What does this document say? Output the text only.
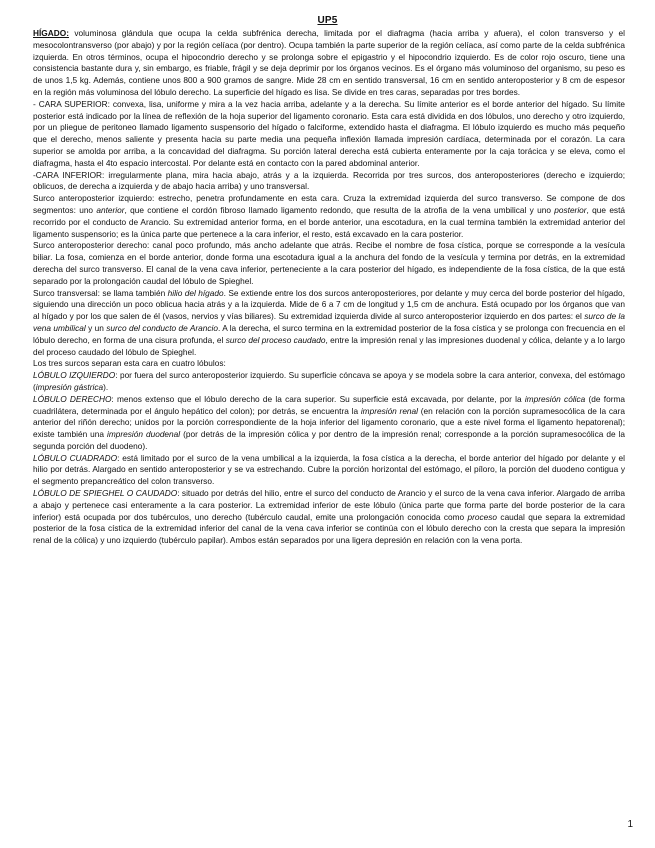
UP5

HÍGADO: voluminosa glándula que ocupa la celda subfrénica derecha, limitada por el diafragma (hacia arriba y afuera), el colon transverso y el mesocolontransverso (por abajo) y por la región celíaca (por dentro). Ocupa también la parte superior de la región celíaca, así como parte de la celda subfrénica izquierda. En otros términos, ocupa el hipocondrio derecho y se prolonga sobre el epigastrio y el hipocondrio izquierdo. Es de color rojo oscuro, tiene una consistencia bastante dura y, sin embargo, es friable, frágil y se deja deprimir por los órganos vecinos. Es el órgano más voluminoso del organismo, su peso es de unos 1,5 kg. Además, contiene unos 800 a 900 gramos de sangre. Mide 28 cm en sentido transversal, 16 cm en sentido anteroposterior y 8 cm de espesor en la región más voluminosa del lóbulo derecho. La superficie del hígado es lisa. Se divide en tres caras, separadas por tres bordes.

- CARA SUPERIOR: convexa, lisa, uniforme y mira a la vez hacia arriba, adelante y a la derecha. Su límite anterior es el borde anterior del hígado. Su límite posterior está indicado por la línea de reflexión de la hoja superior del ligamento coronario. Esta cara está dividida en dos lóbulos, uno derecho y otro izquierdo, por un pliegue de peritoneo llamado ligamento suspensorio del hígado o falciforme, extendido hasta el diafragma. El lóbulo izquierdo es mucho más pequeño que el derecho, menos saliente y presenta hacia su parte media una pequeña inflexión llamada impresión cardíaca, determinada por el corazón. La cara superior se amolda por arriba, a la concavidad del diafragma. Su porción lateral derecha está cubierta enteramente por la caja torácica y se eleva, como el diafragma, hasta el 4to espacio intercostal. Por delante está en contacto con la pared abdominal anterior.

-CARA INFERIOR: irregularmente plana, mira hacia abajo, atrás y a la izquierda. Recorrida por tres surcos, dos anteroposteriores (derecho e izquierdo; oblicuos, de derecha a izquierda y de abajo hacia arriba) y uno transversal.

Surco anteroposterior izquierdo: estrecho, penetra profundamente en esta cara. Cruza la extremidad izquierda del surco transverso. Se compone de dos segmentos: uno anterior, que contiene el cordón fibroso llamado ligamento redondo, que resulta de la atrofia de la vena umbilical y uno posterior, que está recorrido por el conducto de Arancio. Su extremidad anterior forma, en el borde anterior, una escotadura, en la cual termina también la extremidad anterior del ligamento suspensorio; es la única parte que pertenece a la cara inferior, el resto, está excavado en la cara posterior.

Surco anteroposterior derecho: canal poco profundo, más ancho adelante que atrás. Recibe el nombre de fosa cística, porque se corresponde a la vesícula biliar. La fosa, comienza en el borde anterior, donde forma una escotadura igual a la anchura del fondo de la vesícula y termina por detrás, en la extremidad derecha del surco transverso. El canal de la vena cava inferior, perteneciente a la cara posterior del hígado, es independiente de la fosa cística, de la que está separado por la prolongación caudal del lóbulo de Spieghel.

Surco transversal: se llama también hilio del hígado. Se extiende entre los dos surcos anteroposteriores, por delante y muy cerca del borde posterior del hígado, siguiendo una dirección un poco oblicua hacia atrás y a la izquierda. Mide de 6 a 7 cm de longitud y 1,5 cm de anchura. Está ocupado por los órganos que van al hígado y por los que salen de él (vasos, nervios y vías biliares). Su extremidad izquierda divide al surco anteroposterior izquierdo en dos partes: el surco de la vena umbilical y un surco del conducto de Arancio. A la derecha, el surco termina en la extremidad posterior de la fosa cística y se prolonga con frecuencia en el lóbulo derecho, en forma de una cisura profunda, el surco del proceso caudado, entre la impresión renal y las impresiones duodenal y cólica, delante y a lo largo del proceso caudado del lóbulo de Spieghel.

Los tres surcos separan esta cara en cuatro lóbulos:

LÓBULO IZQUIERDO: por fuera del surco anteroposterior izquierdo. Su superficie cóncava se apoya y se modela sobre la cara anterior, convexa, del estómago (impresión gástrica).

LÓBULO DERECHO: menos extenso que el lóbulo derecho de la cara superior. Su superficie está excavada, por delante, por la impresión cólica (de forma cuadrilátera, determinada por el ángulo hepático del colon); por detrás, se encuentra la impresión renal (en relación con la porción supramesocólica de la cara anterior del riñón derecho; unidos por la porción correspondiente de la hoja inferior del ligamento coronario, que a este nivel forma el ligamento hepatorenal); existe también una impresión duodenal (por detrás de la impresión cólica y por dentro de la impresión renal; corresponde a la porción supramesocólica de la segunda porción del duodeno).

LÓBULO CUADRADO: está limitado por el surco de la vena umbilical a la izquierda, la fosa cística a la derecha, el borde anterior del hígado por delante y el hilio por detrás. Alargado en sentido anteroposterior y se va estrechando. Cubre la porción horizontal del estómago, el píloro, la porción del duodeno contigua y el segmento prepancreático del colon transverso.

LÓBULO DE SPIEGHEL O CAUDADO: situado por detrás del hilio, entre el surco del conducto de Arancio y el surco de la vena cava inferior. Alargado de arriba a abajo y pertenece casi enteramente a la cara posterior. La extremidad inferior de este lóbulo (única parte que forma parte del borde posterior de la cara inferior) está ocupada por dos tubérculos, uno derecho (tubérculo caudal, emite una prolongación conocida como proceso caudal que separa la extremidad posterior de la fosa cística de la extremidad inferior del canal de la vena cava inferior se continúa con el lóbulo derecho con la cresta que separa la impresión renal de la cólica) y uno izquierdo (tubérculo papilar). Ambos están separados por una ligera depresión en relación con la vena porta.

1
